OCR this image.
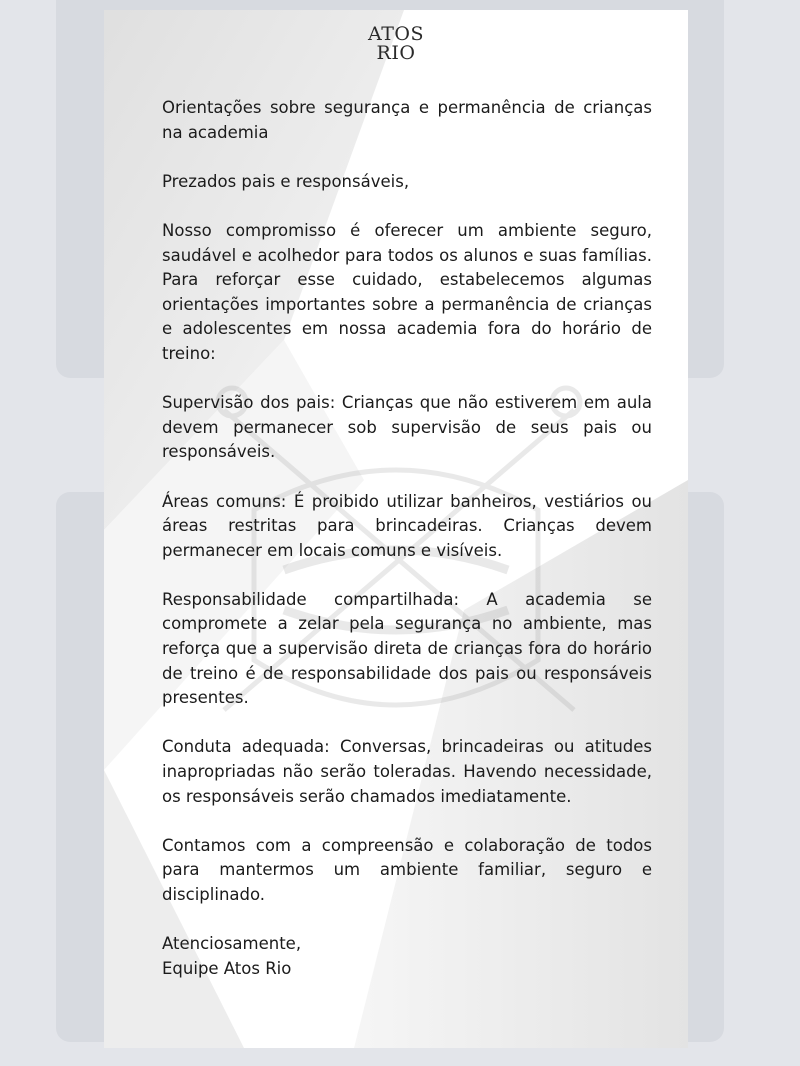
ATOS
RIO

Orientações sobre segurança e permanência de crianças na academia

Prezados pais e responsáveis,

Nosso compromisso é oferecer um ambiente seguro, saudável e acolhedor para todos os alunos e suas famílias. Para reforçar esse cuidado, estabelecemos algumas orientações importantes sobre a permanência de crianças e adolescentes em nossa academia fora do horário de treino:

Supervisão dos pais: Crianças que não estiverem em aula devem permanecer sob supervisão de seus pais ou responsáveis.

Áreas comuns: É proibido utilizar banheiros, vestiários ou áreas restritas para brincadeiras. Crianças devem permanecer em locais comuns e visíveis.

Responsabilidade compartilhada: A academia se compromete a zelar pela segurança no ambiente, mas reforça que a supervisão direta de crianças fora do horário de treino é de responsabilidade dos pais ou responsáveis presentes.

Conduta adequada: Conversas, brincadeiras ou atitudes inapropriadas não serão toleradas. Havendo necessidade, os responsáveis serão chamados imediatamente.

Contamos com a compreensão e colaboração de todos para mantermos um ambiente familiar, seguro e disciplinado.

Atenciosamente,

Equipe Atos Rio
